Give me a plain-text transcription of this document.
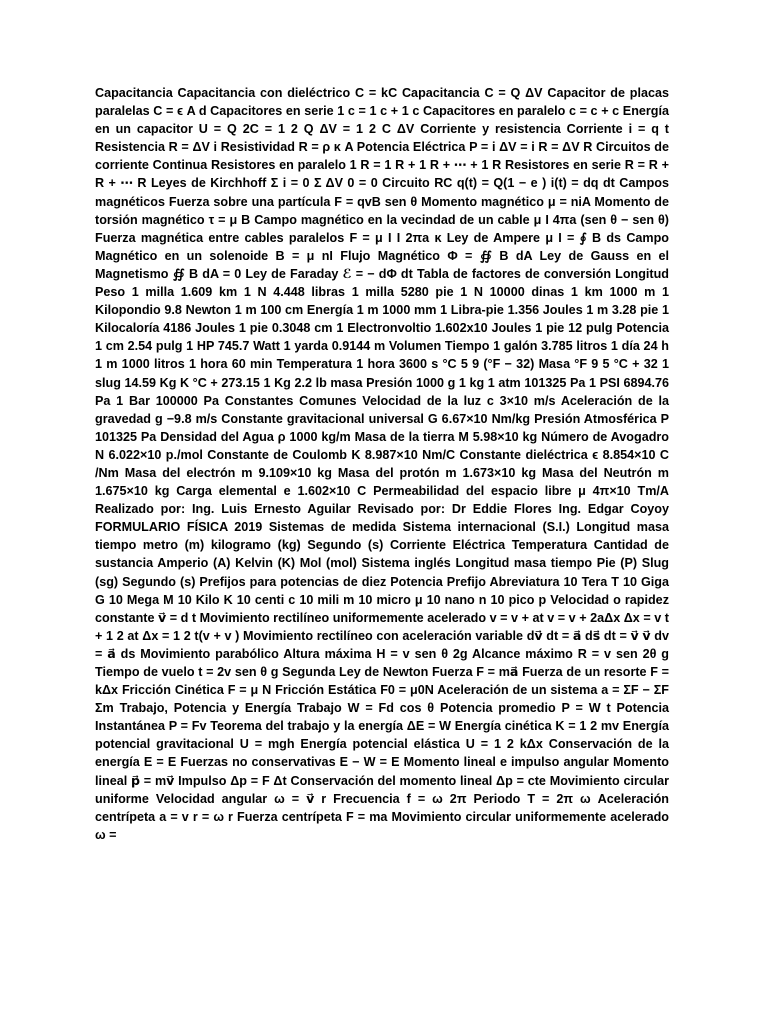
Capacitancia Capacitancia con dieléctrico C = kC Capacitancia C = Q ΔV Capacitor de placas paralelas C = ϵ A d Capacitores en serie 1 c = 1 c + 1 c Capacitores en paralelo c = c + c Energía en un capacitor U = Q 2C = 1 2 Q ΔV = 1 2 C ΔV Corriente y resistencia Corriente i = q t Resistencia R = ΔV i Resistividad R = ρ κ A Potencia Eléctrica P = i ΔV = i R = ΔV R Circuitos de corriente Continua Resistores en paralelo 1 R = 1 R + 1 R + ⋯ + 1 R Resistores en serie R = R + R + ⋯ R Leyes de Kirchhoff Σ i = 0 Σ ΔV 0 = 0 Circuito RC q(t) = Q(1 − e ) i(t) = dq dt Campos magnéticos Fuerza sobre una partícula F = qvB sen θ Momento magnético μ = niA Momento de torsión magnético τ = μ B Campo magnético en la vecindad de un cable μ I 4πa (sen θ − sen θ) Fuerza magnética entre cables paralelos F = μ I I 2πa κ Ley de Ampere μ I = ∮ B ds Campo Magnético en un solenoide B = μ nI Flujo Magnético Φ = ∯ B dA Ley de Gauss en el Magnetismo ∯ B dA = 0 Ley de Faraday ℰ = − dΦ dt Tabla de factores de conversión Longitud Peso 1 milla 1.609 km 1 N 4.448 libras 1 milla 5280 pie 1 N 10000 dinas 1 km 1000 m 1 Kilopondio 9.8 Newton 1 m 100 cm Energía 1 m 1000 mm 1 Libra-pie 1.356 Joules 1 m 3.28 pie 1 Kilocaloría 4186 Joules 1 pie 0.3048 cm 1 Electronvoltio 1.602x10 Joules 1 pie 12 pulg Potencia 1 cm 2.54 pulg 1 HP 745.7 Watt 1 yarda 0.9144 m Volumen Tiempo 1 galón 3.785 litros 1 día 24 h 1 m 1000 litros 1 hora 60 min Temperatura 1 hora 3600 s °C 5 9 (°F − 32) Masa °F 9 5 °C + 32 1 slug 14.59 Kg K °C + 273.15 1 Kg 2.2 lb masa Presión 1000 g 1 kg 1 atm 101325 Pa 1 PSI 6894.76 Pa 1 Bar 100000 Pa Constantes Comunes Velocidad de la luz c 3×10 m/s Aceleración de la gravedad g −9.8 m/s Constante gravitacional universal G 6.67×10 Nm/kg Presión Atmosférica P 101325 Pa Densidad del Agua ρ 1000 kg/m Masa de la tierra M 5.98×10 kg Número de Avogadro N 6.022×10 p./mol Constante de Coulomb K 8.987×10 Nm/C Constante dieléctrica ϵ 8.854×10 C /Nm Masa del electrón m 9.109×10 kg Masa del protón m 1.673×10 kg Masa del Neutrón m 1.675×10 kg Carga elemental e 1.602×10 C Permeabilidad del espacio libre μ 4π×10 Tm/A Realizado por: Ing. Luis Ernesto Aguilar Revisado por: Dr Eddie Flores Ing. Edgar Coyoy FORMULARIO FÍSICA 2019 Sistemas de medida Sistema internacional (S.I.) Longitud masa tiempo metro (m) kilogramo (kg) Segundo (s) Corriente Eléctrica Temperatura Cantidad de sustancia Amperio (A) Kelvin (K) Mol (mol) Sistema inglés Longitud masa tiempo Pie (P) Slug (sg) Segundo (s) Prefijos para potencias de diez Potencia Prefijo Abreviatura 10 Tera T 10 Giga G 10 Mega M 10 Kilo K 10 centi c 10 mili m 10 micro μ 10 nano n 10 pico p Velocidad o rapidez constante v⃗ = d t Movimiento rectilíneo uniformemente acelerado v = v + at v = v + 2aΔx Δx = v t + 1 2 at Δx = 1 2 t(v + v ) Movimiento rectilíneo con aceleración variable dv⃗ dt = a⃗ ds⃗ dt = v⃗ v⃗ dv = a⃗ ds Movimiento parabólico Altura máxima H = v sen θ 2g Alcance máximo R = v sen 2θ g Tiempo de vuelo t = 2v sen θ g Segunda Ley de Newton Fuerza F = ma⃗ Fuerza de un resorte F = kΔx Fricción Cinética F = μ N Fricción Estática F0 = μ0N Aceleración de un sistema a = ΣF − ΣF Σm Trabajo, Potencia y Energía Trabajo W = Fd cos θ Potencia promedio P = W t Potencia Instantánea P = Fv Teorema del trabajo y la energía ΔE = W Energía cinética K = 1 2 mv Energía potencial gravitacional U = mgh Energía potencial elástica U = 1 2 kΔx Conservación de la energía E = E Fuerzas no conservativas E − W = E Momento lineal e impulso angular Momento lineal p⃗ = mv⃗ Impulso Δp = F Δt Conservación del momento lineal Δp = cte Movimiento circular uniforme Velocidad angular ω = v⃗ r Frecuencia f = ω 2π Periodo T = 2π ω Aceleración centrípeta a = v r = ω r Fuerza centrípeta F = ma Movimiento circular uniformemente acelerado ω =
